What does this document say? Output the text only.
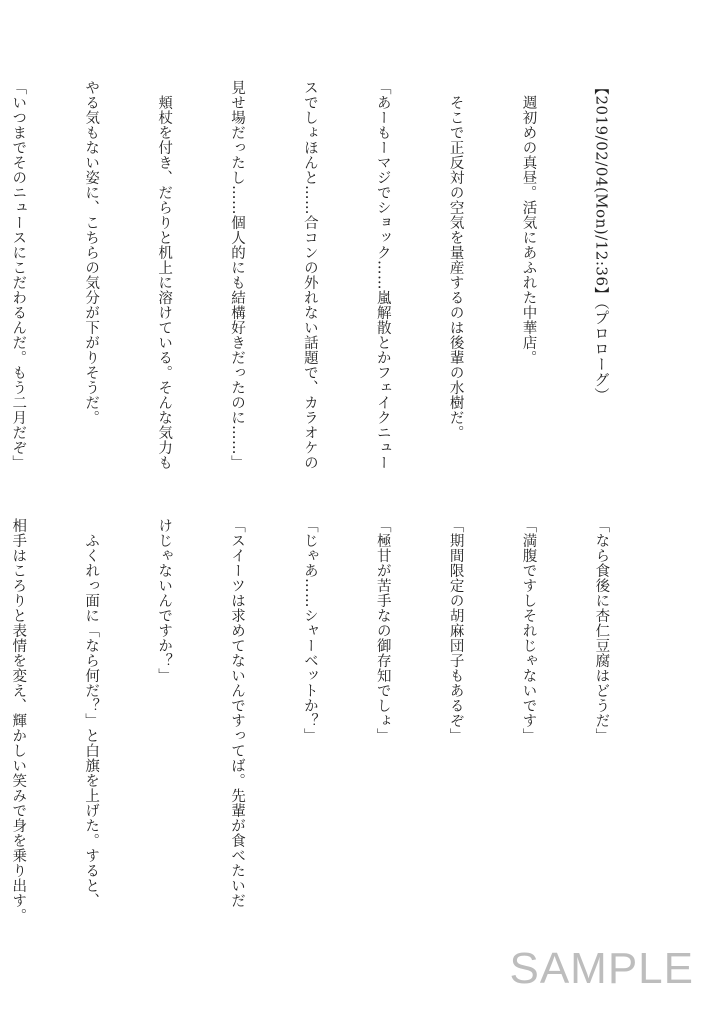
【2019/02/04(Mon)/12:36】（プロローグ）

　週初めの真昼。活気にあふれた中華店。

　そこで正反対の空気を量産するのは後輩の水樹だ。

「あーもーマジでショック……嵐解散とかフェイクニュー

スでしょほんと……合コンの外れない話題で、カラオケの

見せ場だったし……個人的にも結構好きだったのに……」

　頬杖を付き、だらりと机上に溶けている。そんな気力も

やる気もない姿に、こちらの気分が下がりそうだ。

「いつまでそのニュースにこだわるんだ。もう二月だぞ」

「なら食後に杏仁豆腐はどうだ」

「満腹ですしそれじゃないです」

「期間限定の胡麻団子もあるぞ」

「極甘が苦手なの御存知でしょ」

「じゃあ……シャーベットか？」

「スイーツは求めてないんですってば。先輩が食べたいだ

けじゃないんですか？」

　ふくれっ面に「なら何だ？」と白旗を上げた。すると、

相手はころりと表情を変え、輝かしい笑みで身を乗り出す。

SAMPLE
